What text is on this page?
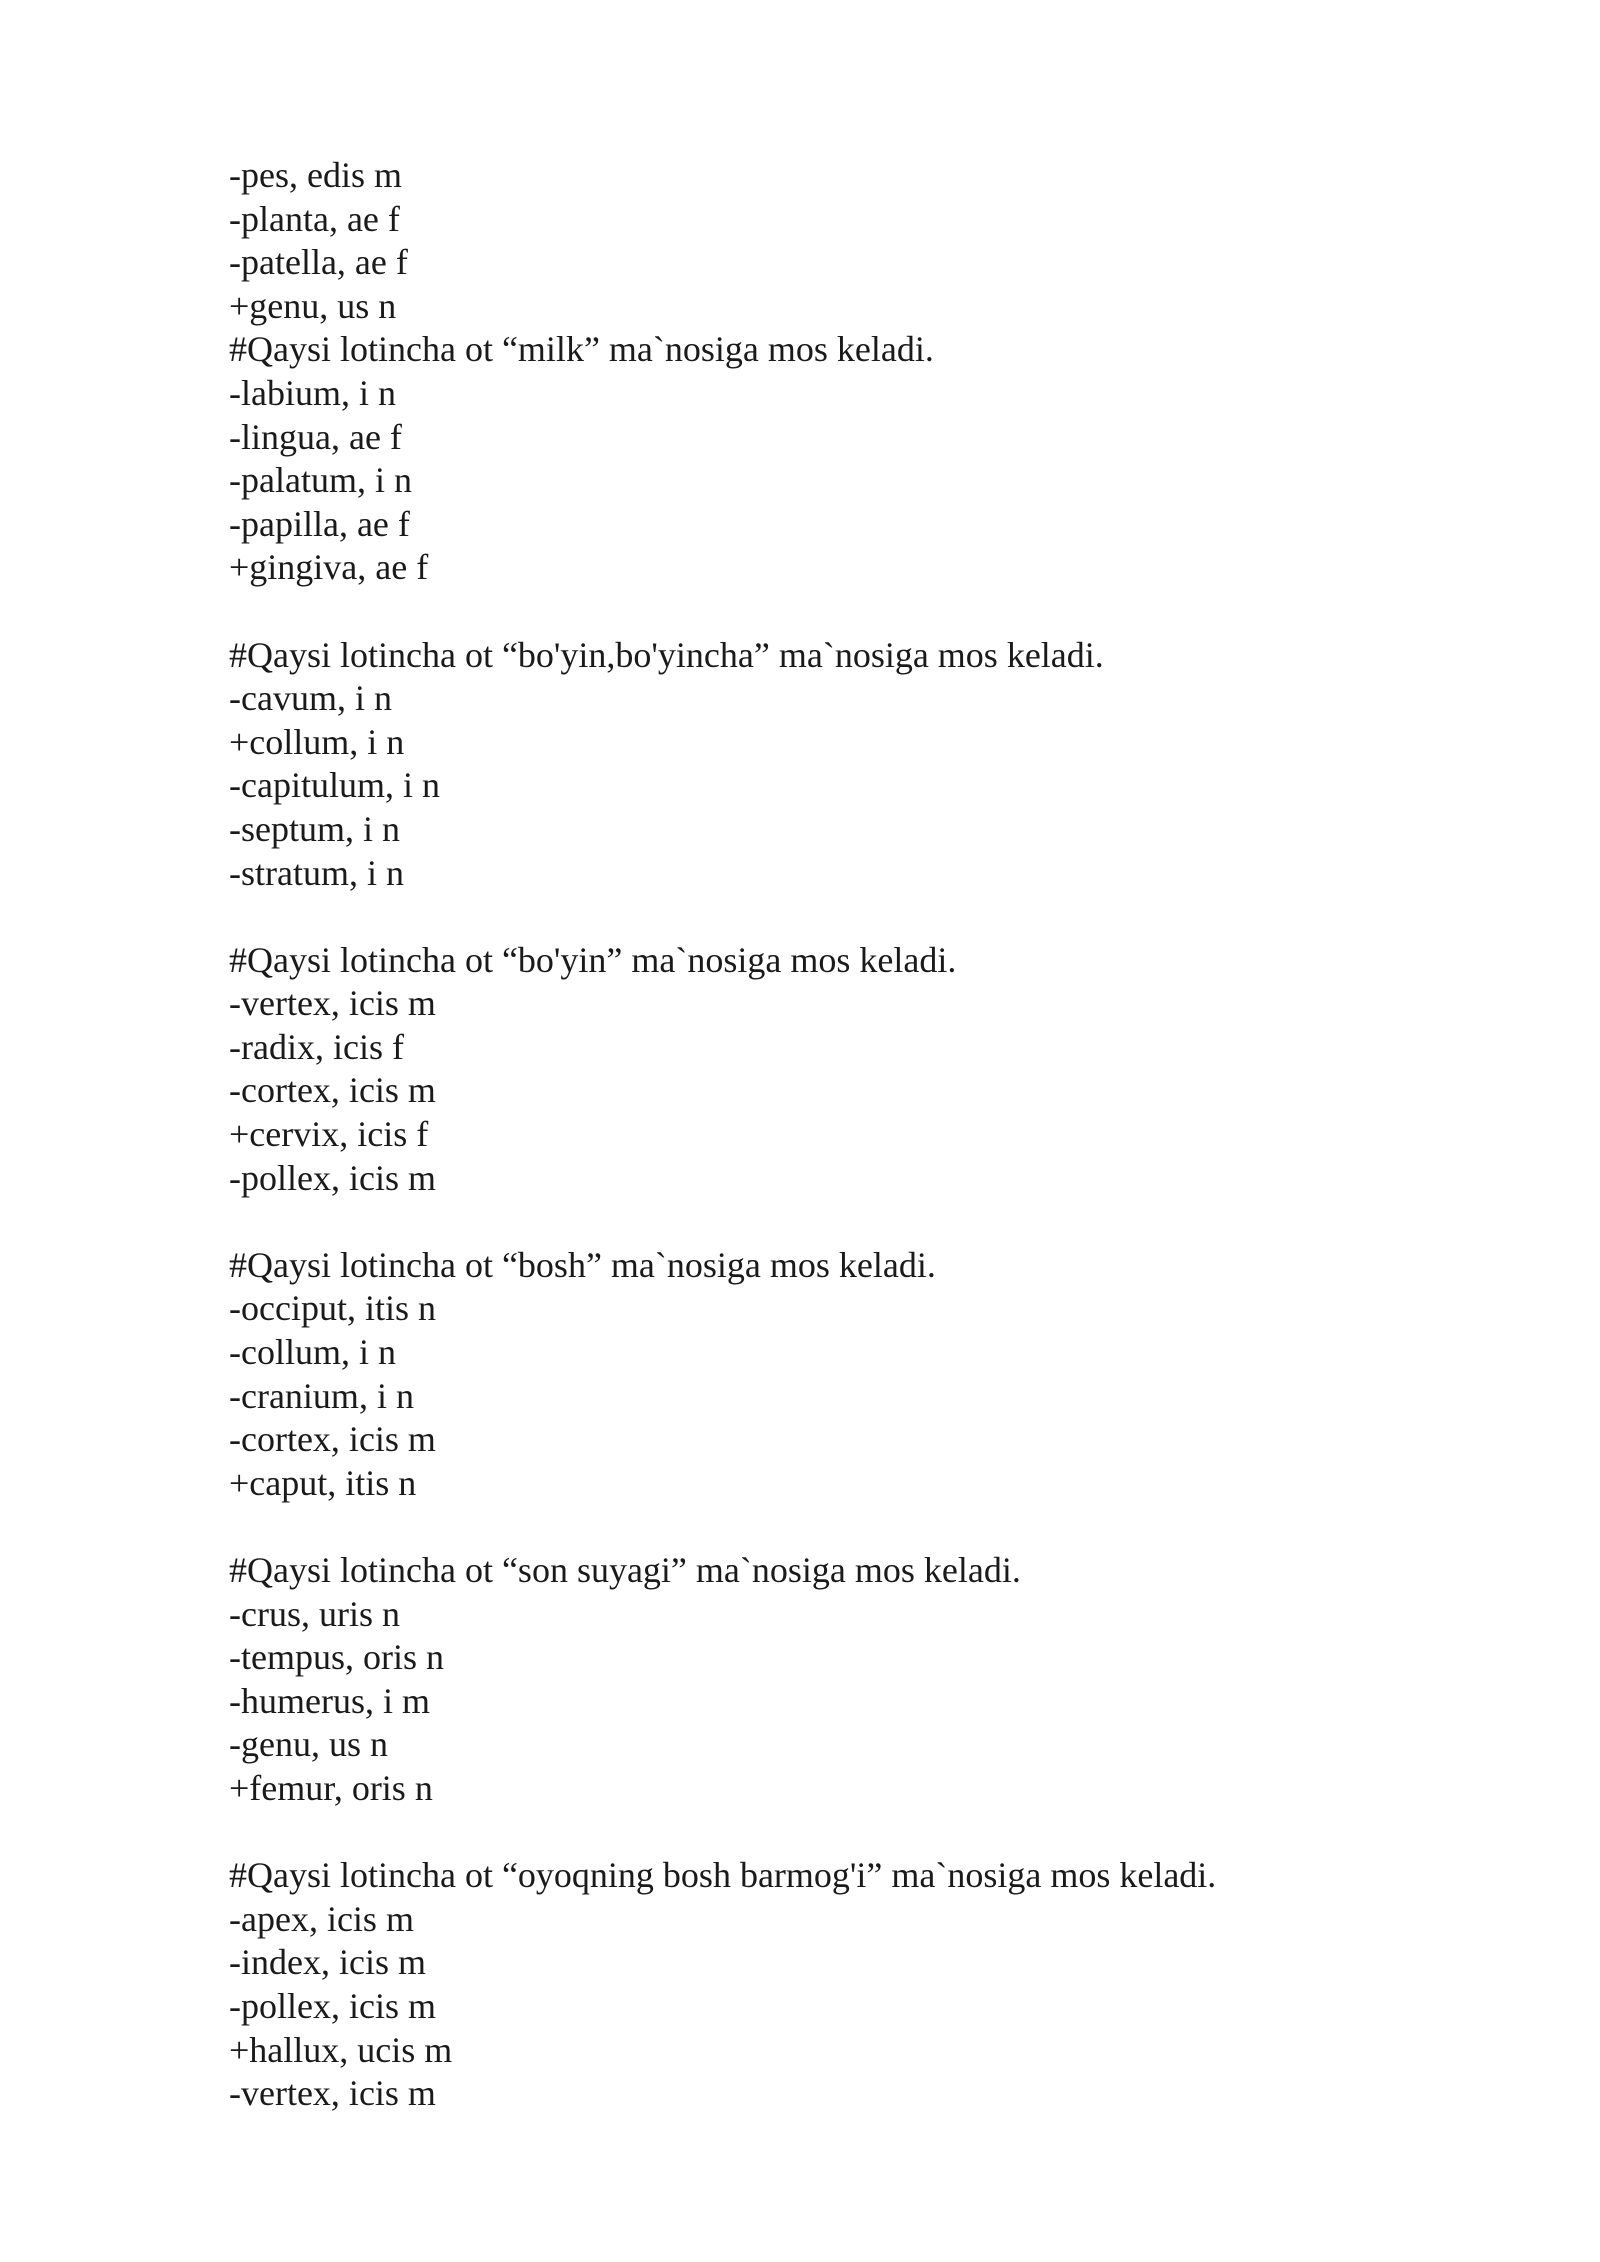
-pes, edis m
-planta, ae f
-patella, ae f
+genu, us n
#Qaysi lotincha ot “milk” ma`nosiga mos keladi.
-labium, i n
-lingua, ae f
-palatum, i n
-papilla, ae f
+gingiva, ae f
#Qaysi lotincha ot “bo'yin,bo'yincha” ma`nosiga mos keladi.
-cavum, i n
+collum, i n
-capitulum, i n
-septum, i n
-stratum, i n
#Qaysi lotincha ot “bo'yin” ma`nosiga mos keladi.
-vertex, icis m
-radix, icis f
-cortex, icis m
+cervix, icis f
-pollex, icis m
#Qaysi lotincha ot “bosh” ma`nosiga mos keladi.
-occiput, itis n
-collum, i n
-cranium, i n
-cortex, icis m
+caput, itis n
#Qaysi lotincha ot “son suyagi” ma`nosiga mos keladi.
-crus, uris n
-tempus, oris n
-humerus, i m
-genu, us n
+femur, oris n
#Qaysi lotincha ot “oyoqning bosh barmog'i” ma`nosiga mos keladi.
-apex, icis m
-index, icis m
-pollex, icis m
+hallux, ucis m
-vertex, icis m
